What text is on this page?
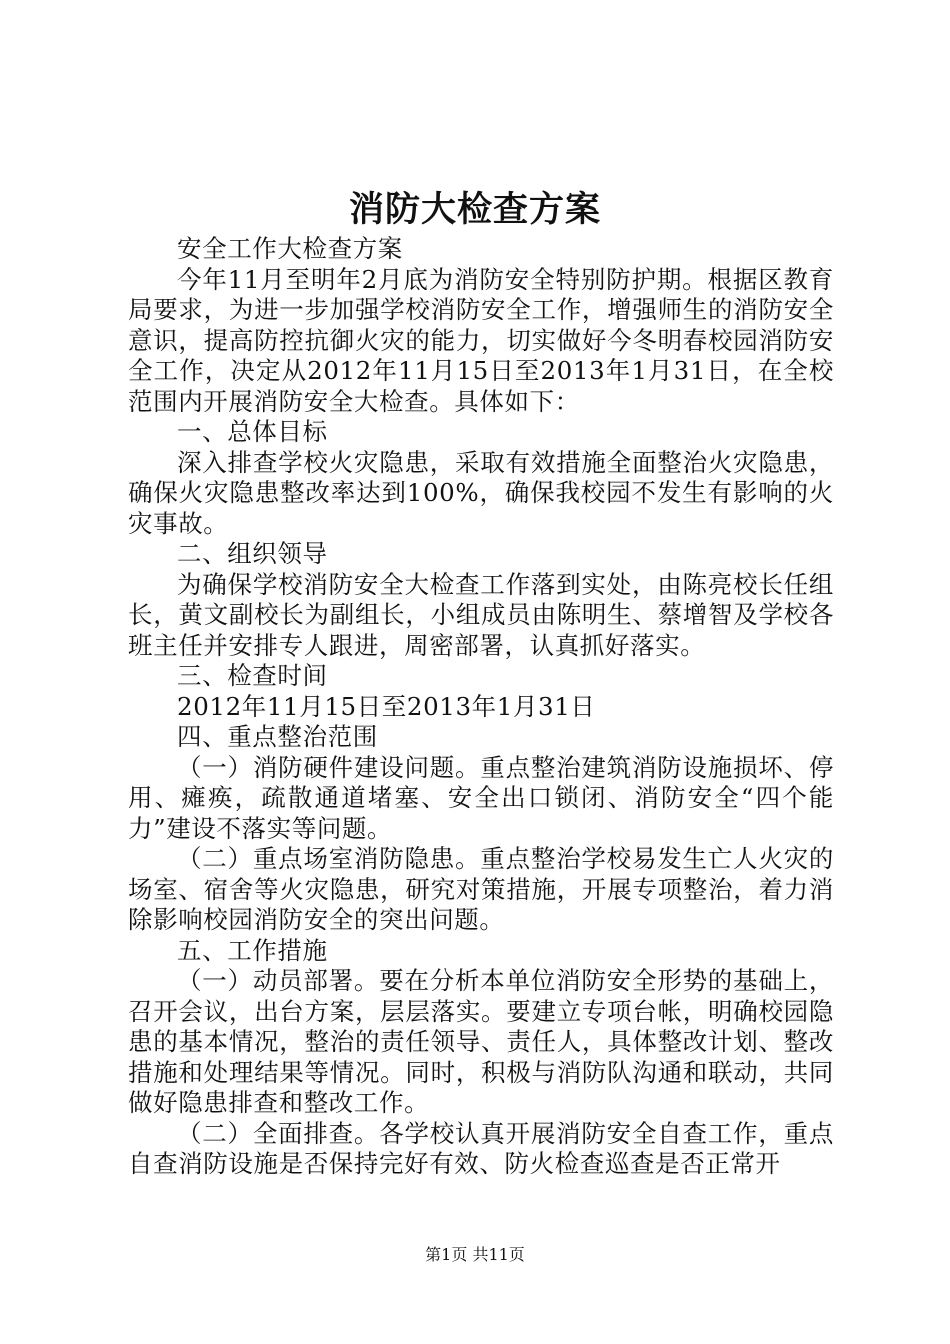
消防大检查方案

安全工作大检查方案

今年11月至明年2月底为消防安全特别防护期。根据区教育局要求，为进一步加强学校消防安全工作，增强师生的消防安全意识，提高防控抗御火灾的能力，切实做好今冬明春校园消防安全工作，决定从2012年11月15日至2013年1月31日，在全校范围内开展消防安全大检查。具体如下：

一、总体目标

深入排查学校火灾隐患，采取有效措施全面整治火灾隐患，确保火灾隐患整改率达到100%，确保我校园不发生有影响的火灾事故。

二、组织领导

为确保学校消防安全大检查工作落到实处，由陈亮校长任组长，黄文副校长为副组长，小组成员由陈明生、蔡增智及学校各班主任并安排专人跟进，周密部署，认真抓好落实。

三、检查时间

2012年11月15日至2013年1月31日

四、重点整治范围

（一）消防硬件建设问题。重点整治建筑消防设施损坏、停用、瘫痪，疏散通道堵塞、安全出口锁闭、消防安全“四个能力”建设不落实等问题。

（二）重点场室消防隐患。重点整治学校易发生亡人火灾的场室、宿舍等火灾隐患，研究对策措施，开展专项整治，着力消除影响校园消防安全的突出问题。

五、工作措施

（一）动员部署。要在分析本单位消防安全形势的基础上，召开会议，出台方案，层层落实。要建立专项台帐，明确校园隐患的基本情况，整治的责任领导、责任人，具体整改计划、整改措施和处理结果等情况。同时，积极与消防队沟通和联动，共同做好隐患排查和整改工作。

（二）全面排查。各学校认真开展消防安全自查工作，重点自查消防设施是否保持完好有效、防火检查巡查是否正常开

第1页 共11页
